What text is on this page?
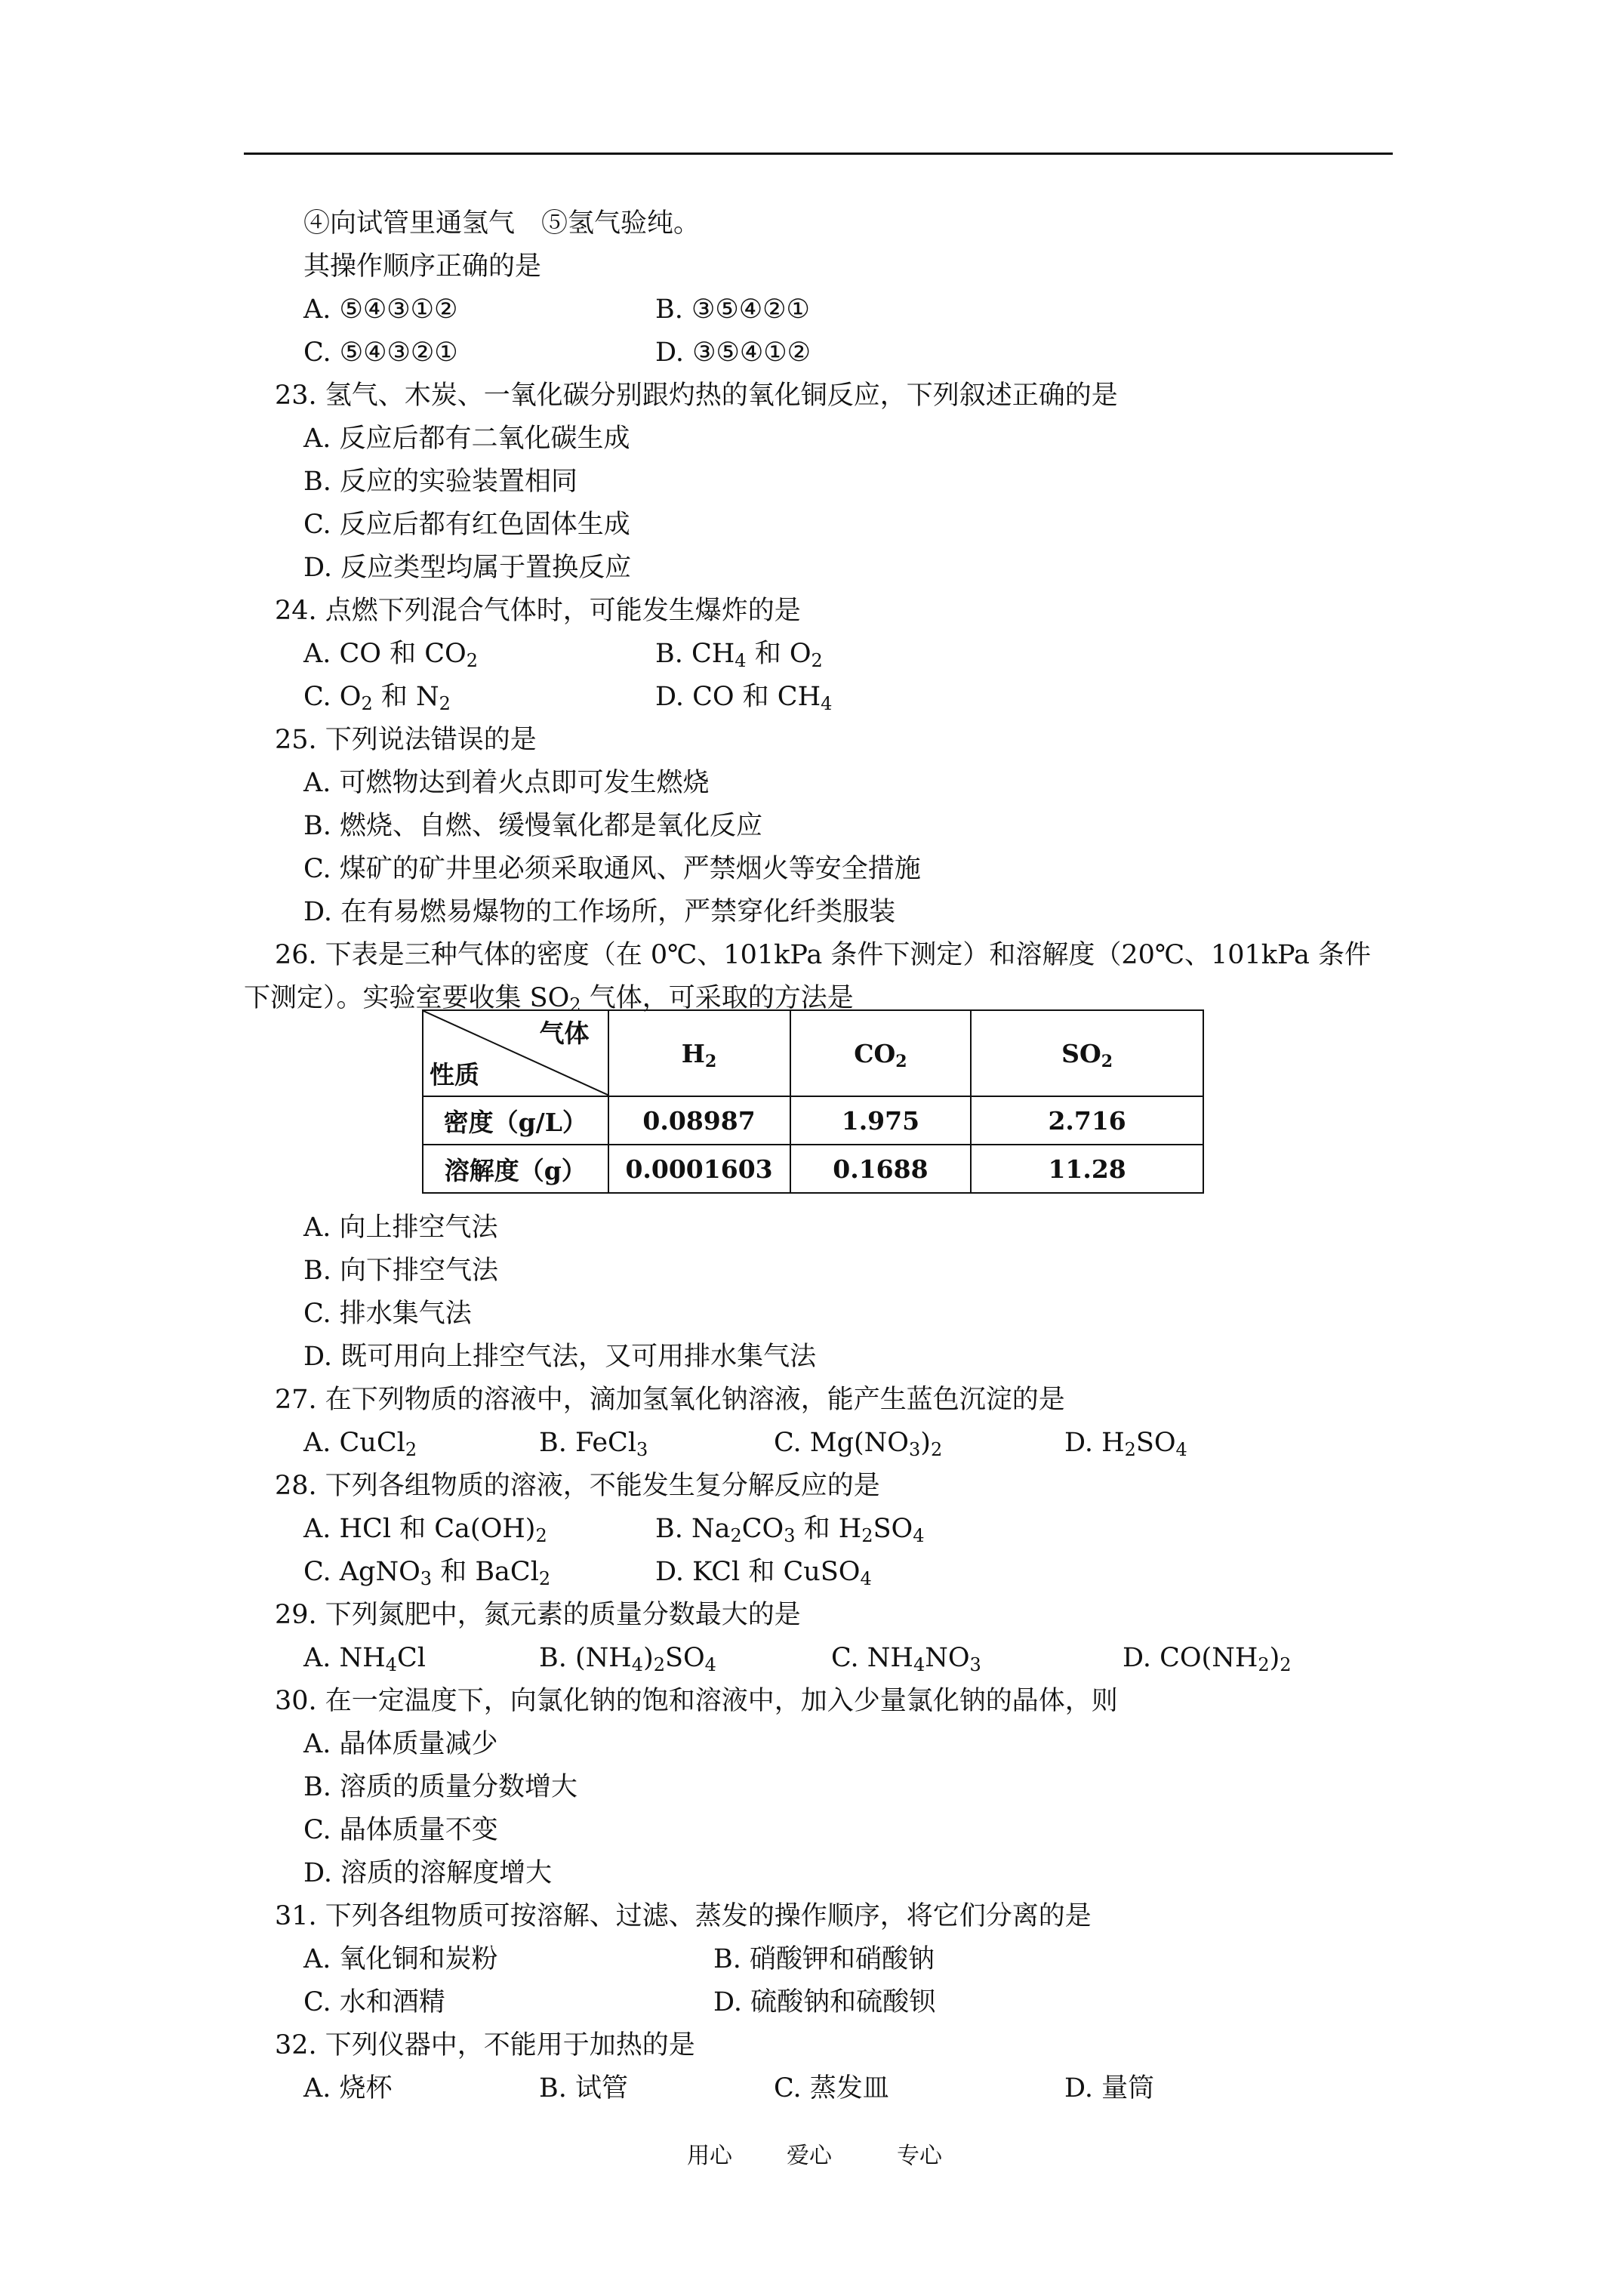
④向试管里通氢气　⑤氢气验纯。
其操作顺序正确的是
A. ⑤④③①②	B. ③⑤④②①
C. ⑤④③②①	D. ③⑤④①②
23. 氢气、木炭、一氧化碳分别跟灼热的氧化铜反应，下列叙述正确的是
A. 反应后都有二氧化碳生成
B. 反应的实验装置相同
C. 反应后都有红色固体生成
D. 反应类型均属于置换反应
24. 点燃下列混合气体时，可能发生爆炸的是
A. CO 和 $CO_2$	B. $CH_4$ 和 $O_2$
C. $O_2$ 和 $N_2$	D. CO 和 $CH_4$
25. 下列说法错误的是
A. 可燃物达到着火点即可发生燃烧
B. 燃烧、自燃、缓慢氧化都是氧化反应
C. 煤矿的矿井里必须采取通风、严禁烟火等安全措施
D. 在有易燃易爆物的工作场所，严禁穿化纤类服装
26. 下表是三种气体的密度（在 0℃、101kPa 条件下测定）和溶解度（20℃、101kPa 条件
下测定）。实验室要收集 $SO_2$ 气体，可采取的方法是
气体
性质	$H_2$	$CO_2$	$SO_2$
密度（g/L）	0.08987	1.975	2.716
溶解度（g）	0.0001603	0.1688	11.28
A. 向上排空气法
B. 向下排空气法
C. 排水集气法
D. 既可用向上排空气法，又可用排水集气法
27. 在下列物质的溶液中，滴加氢氧化钠溶液，能产生蓝色沉淀的是
A. CuCl$_2$	B. FeCl$_3$	C. $Mg(NO_3)_2$	D. $H_2SO_4$
28. 下列各组物质的溶液，不能发生复分解反应的是
A. HCl 和 $Ca(OH)_2$	B. $Na_2CO_3$ 和 $H_2SO_4$
C. AgNO$_3$ 和 BaCl$_2$	D. KCl 和 CuSO$_4$
29. 下列氮肥中，氮元素的质量分数最大的是
A. $NH_4Cl$	B. $(NH_4)_2SO_4$	C. $NH_4NO_3$	D. $CO(NH_2)_2$
30. 在一定温度下，向氯化钠的饱和溶液中，加入少量氯化钠的晶体，则
A. 晶体质量减少
B. 溶质的质量分数增大
C. 晶体质量不变
D. 溶质的溶解度增大
31. 下列各组物质可按溶解、过滤、蒸发的操作顺序，将它们分离的是
A. 氧化铜和炭粉	B. 硝酸钾和硝酸钠
C. 水和酒精	D. 硫酸钠和硫酸钡
32. 下列仪器中，不能用于加热的是
A. 烧杯	B. 试管	C. 蒸发皿	D. 量筒
用心 爱心	专心
